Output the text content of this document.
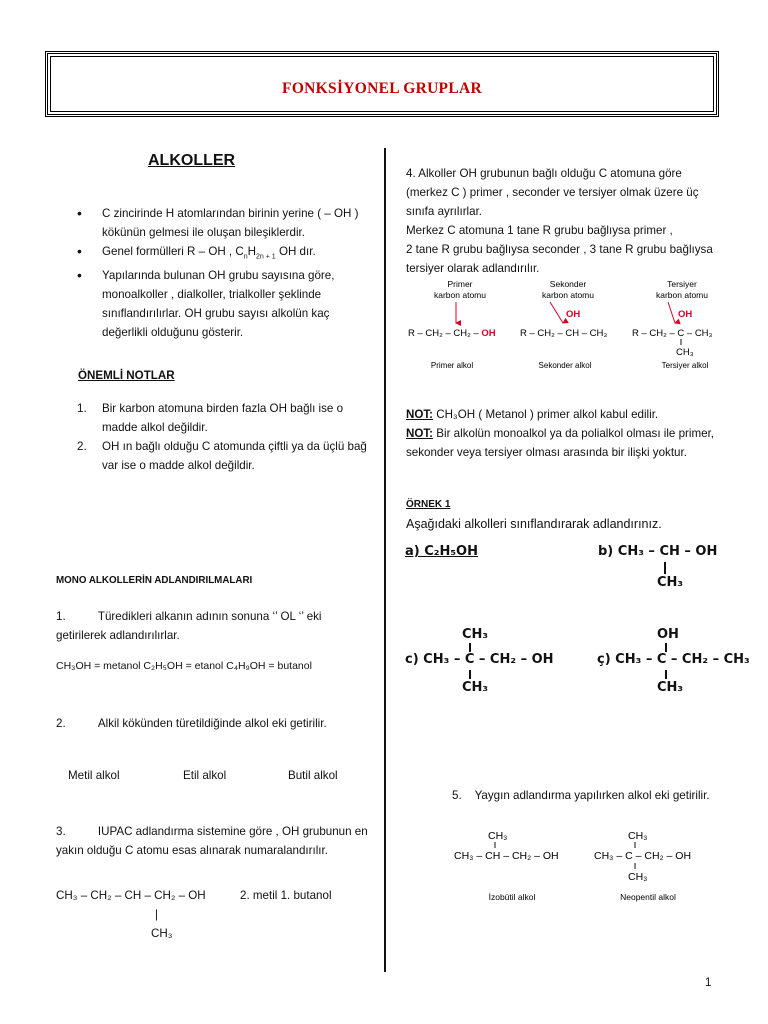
FONKSİYONEL GRUPLAR
ALKOLLER
• C zincirinde H atomlarından birinin yerine ( – OH ) kökünün gelmesi ile oluşan bileşiklerdir.
• Genel formülleri R – OH , $C_nH_{2n + 1}$ OH dır.
• Yapılarında bulunan OH grubu sayısına göre, monoalkoller , dialkoller, trialkoller şeklinde sınıflandırılırlar. OH grubu sayısı alkolün kaç değerlikli olduğunu gösterir.
ÖNEMLİ NOTLAR
1. Bir karbon atomuna birden fazla OH bağlı ise o madde alkol değildir.
2. OH ın bağlı olduğu C atomunda çiftli ya da üçlü bağ var ise o madde alkol değildir.
MONO ALKOLLERİN ADLANDIRILMALARI
1.	Türedikleri alkanın adının sonuna ‘’ OL ‘’ eki getirilerek adlandırılırlar.
CH₃OH = metanol C₂H₅OH = etanol C₄H₉OH = butanol
2.	Alkil kökünden türetildiğinde alkol eki getirilir.
Metil alkol	Etil alkol	Butil alkol
3.	IUPAC adlandırma sistemine göre , OH grubunun en yakın olduğu C atomu esas alınarak numaralandırılır.
CH₃ – CH₂ – CH – CH₂ – OH	2. metil 1. butanol
|
CH₃
4. Alkoller OH grubunun bağlı olduğu C atomuna göre (merkez C ) primer , seconder ve tersiyer olmak üzere üç sınıfa ayrılırlar.
Merkez C atomuna 1 tane R grubu bağlıysa primer ,
2 tane R grubu bağlıysa seconder , 3 tane R grubu bağlıysa tersiyer olarak adlandırılır.
Primer
karbon atomu
R – CH₂ – CH₂ – OH
Primer alkol
Sekonder
karbon atomu
OH
R – CH₂ – CH – CH₃
Sekonder alkol
Tersiyer
karbon atomu
OH
R – CH₂ – C – CH₃
CH₃
Tersiyer alkol
NOT: CH₃OH ( Metanol ) primer alkol kabul edilir.
NOT: Bir alkolün monoalkol ya da polialkol olması ile primer, sekonder veya tersiyer olması arasında bir ilişki yoktur.
ÖRNEK 1
Aşağıdaki alkolleri sınıflandırarak adlandırınız.
a) C₂H₅OH	b) CH₃ – CH – OH
CH₃
CH₃
c) CH₃ – C – CH₂ – OH
CH₃
OH
ç) CH₃ – C – CH₂ – CH₃
CH₃
5. Yaygın adlandırma yapılırken alkol eki getirilir.
CH₃
CH₃ – CH – CH₂ – OH
İzobütil alkol
CH₃
CH₃ – C – CH₂ – OH
CH₃
Neopentil alkol
1
